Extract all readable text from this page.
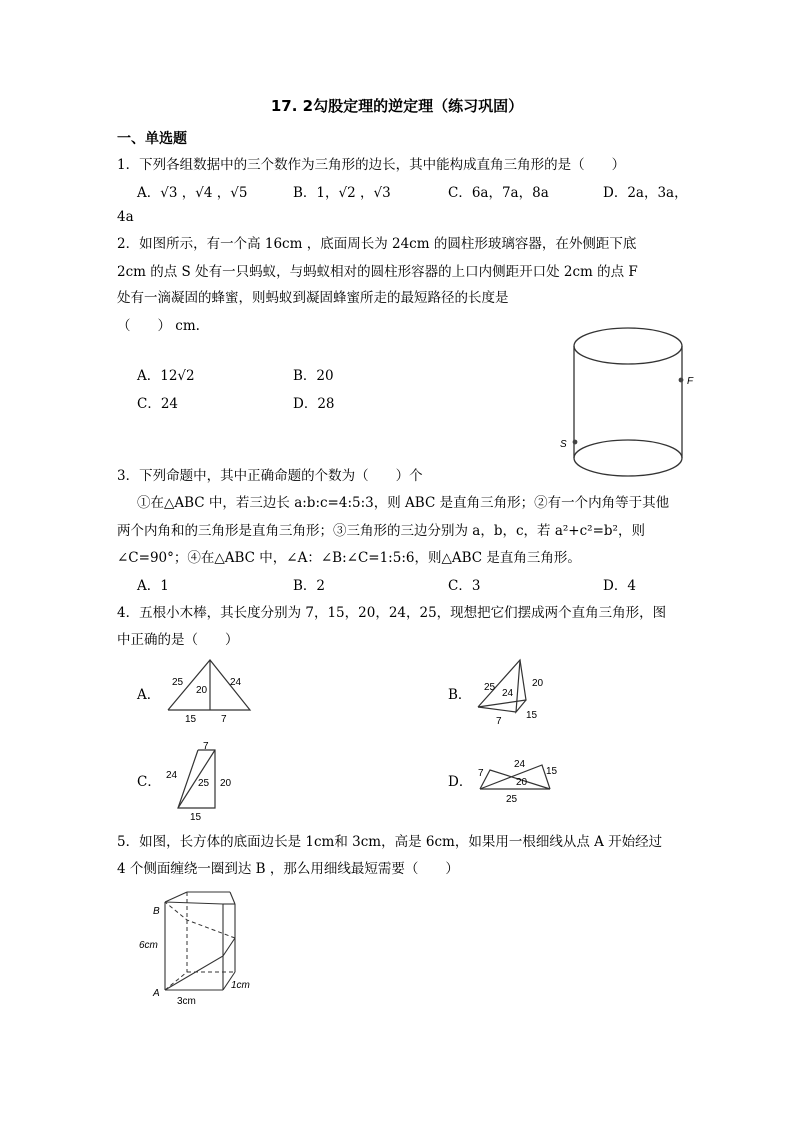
17. 2勾股定理的逆定理（练习巩固）
一、单选题
1．下列各组数据中的三个数作为三角形的边长，其中能构成直角三角形的是（　　）
A．√3 ，√4 ，√5	B．1，√2 ，√3	C．6a，7a，8a	D．2a，3a，
4a
2．如图所示，有一个高 16cm ，底面周长为 24cm 的圆柱形玻璃容器，在外侧距下底
2cm 的点 S 处有一只蚂蚁，与蚂蚁相对的圆柱形容器的上口内侧距开口处 2cm 的点 F
处有一滴凝固的蜂蜜，则蚂蚁到凝固蜂蜜所走的最短路径的长度是
（　　） cm.
A．12√2	B．20
C．24	D．28
F
S
3．下列命题中，其中正确命题的个数为（　　）个
①在△ABC 中，若三边长 a:b:c=4:5:3，则 ABC 是直角三角形；②有一个内角等于其他
两个内角和的三角形是直角三角形；③三角形的三边分别为 a，b，c，若 a²+c²=b²，则
∠C=90°；④在△ABC 中，∠A：∠B:∠C=1:5:6，则△ABC 是直角三角形。
A．1	B．2	C．3	D．4
4．五根小木棒，其长度分别为 7，15，20，24，25，现想把它们摆成两个直角三角形，图
中正确的是（　　）
A．
25	24
20
15 7
B． 25
24
20
7
15
C．
7
24
25 20
15
D．
7
24
15
20
25
5．如图，长方体的底面边长是 1cm和 3cm，高是 6cm，如果用一根细线从点 A 开始经过
4 个侧面缠绕一圈到达 B ，那么用细线最短需要（　　）
B
A
6cm
1cm
3cm
